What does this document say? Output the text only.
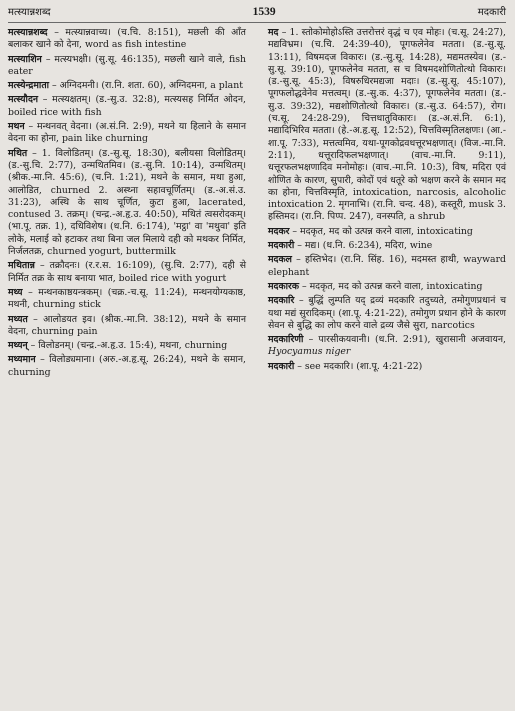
मत्स्यान्नशब्द	1539	मदकारी

मत्स्यान्नशब्द – मत्स्यान्नवाच्य। (च.चि. 8:151), मछली की आँत बलाकर खाने को देना, word as fish intestine

मत्स्याशिन – मत्स्यभक्षी। (सु.सू. 46:135), मछली खाने वाले, fish eater

मत्स्येन्द्रमाता – अग्निदमनी। (रा.नि. शता. 60), अग्निदमना, a plant

मत्स्यौदन – मत्स्यक्षतम्। (ड.-सु.उ. 32:8), मत्स्यसह निर्मित ओदन, boiled rice with fish

मथन – मन्थनवत् वेदना। (अ.सं.नि. 2:9), मथने या हिलाने के समान वेदना का होना, pain like churning

मथित – 1. विलोडितम्। (ड.-सु.सू. 18:30), बलीयसा विलोडितम्। (ड.-सु.चि. 2:77), उन्मथितमिव। (ड.-सु.नि. 10:14), उन्मथितम्। (श्रीक.-मा.नि. 45:6), (च.नि. 1:21), मथने के समान, मथा हुआ, आलोडित, churned 2. अस्थ्ना सहावचूर्णितम्। (ड.-अ.सं.उ. 31:23), अस्थि के साथ चूर्णित, कुटा हुआ, lacerated, contused 3. तक्रम्। (चन्द्र.-अ.हृ.उ. 40:50), मथितं त्वसरोदकम्। (भा.पू. तक्र. 1), दधिविशेष। (ध.नि. 6:174), 'मट्ठा' वा 'मथुवा' इति लोके, मलाई को हटाकर तथा बिना जल मिलाये दही को मथकर निर्मित, निर्जलतक्र, churned yogurt, buttermilk

मथितान्न – तक्रौदनः। (र.र.स. 16:109), (सु.चि. 2:77), दही से निर्मित तक्र के साथ बनाया भात, boiled rice with yogurt

मथ्य – मन्थनकाष्ठयन्त्रकम्। (चक्र.-च.सू. 11:24), मन्थनयोग्यकाष्ठ, मथनी, churning stick

मथ्यत – आलोडयत इव। (श्रीक.-मा.नि. 38:12), मथने के समान वेदना, churning pain

मथ्यन् – विलोडनम्। (चन्द्र.-अ.हृ.उ. 15:4), मथना, churning

मथ्यमान – विलोड्यमाना। (अरु.-अ.हृ.सू. 26:24), मथने के समान, churning

मद – 1. स्तोकोमोहोऽस्ति उत्तरोत्तरं वृद्धं च एव मोहः। (च.सू. 24:27), मद्यविभ्रम। (च.चि. 24:39-40), पूगफलेनेव मतता। (ड.-सु.सू. 13:11), विषमदज विकारः। (ड.-सु.सू. 14:28), मद्यमतस्येव। (ड.-सु.सू. 39:10), पूगफलेनेव मतता, स च विषमदशोणितोत्थो विकारः। (ड.-सु.सू. 45:3), विषरुधिरमद्यजा मदाः। (ड.-सु.सू. 45:107), पूगफलोद्धवेनेव मत्तत्वम्। (ड.-सु.क. 4:37), पूगफलेनेव मतता। (ड.-सु.उ. 39:32), मद्यशोणितोत्थो विकारः। (ड.-सु.उ. 64:57), रोग। (च.सू. 24:28-29), चित्तधातुविकारः। (ड.-अ.सं.नि. 6:1), मद्यादिभिरिव मतता। (हे.-अ.हृ.सू. 12:52), चित्तविस्मृतिलक्षणः। (आ.-शा.पू. 7:33), मत्तत्वमिव, यथा-पूगकोद्रवधत्तूरभक्षणात्। (विज.-मा.नि. 2:11), धत्तूरादिफलभक्षणात्। (वाच.-मा.नि. 9:11), धत्तूरफलभक्षणादिव मनोमोहः। (वाच.-मा.नि. 10:3), विष, मदिरा एवं शोणित के कारण, सुपारी, कोदों एवं धतूरे को भक्षण करने के समान मद का होना, चित्तविस्मृति, intoxication, narcosis, alcoholic intoxication 2. मृगनाभि। (रा.नि. चन्द. 48), कस्तूरी, musk 3. हस्तिमद। (रा.नि. पिप्प. 247), वनस्पति, a shrub

मदकर – मदकृत, मद को उत्पन्न करने वाला, intoxicating

मदकारी – मद्य। (ध.नि. 6:234), मदिरा, wine

मदकल – हस्तिभेद। (रा.नि. सिंह. 16), मदमस्त हाथी, wayward elephant

मदकारक – मदकृत, मद को उत्पन्न करने वाला, intoxicating

मदकारि – बुद्धिं लुम्पति यद् द्रव्यं मदकारि तदुच्यते, तमोगुणप्रधानं च यथा मद्यं सुरादिकम्। (शा.पू. 4:21-22), तमोगुण प्रधान होने के कारण सेवन से बुद्धि का लोप करने वाले द्रव्य जैसे सुरा, narcotics

मदकारिणी – पारसीकयवानी। (ध.नि. 2:91), खुरासानी अजवायन, Hyocyamus niger

मदकारी – see मदकारि। (शा.पू. 4:21-22)
